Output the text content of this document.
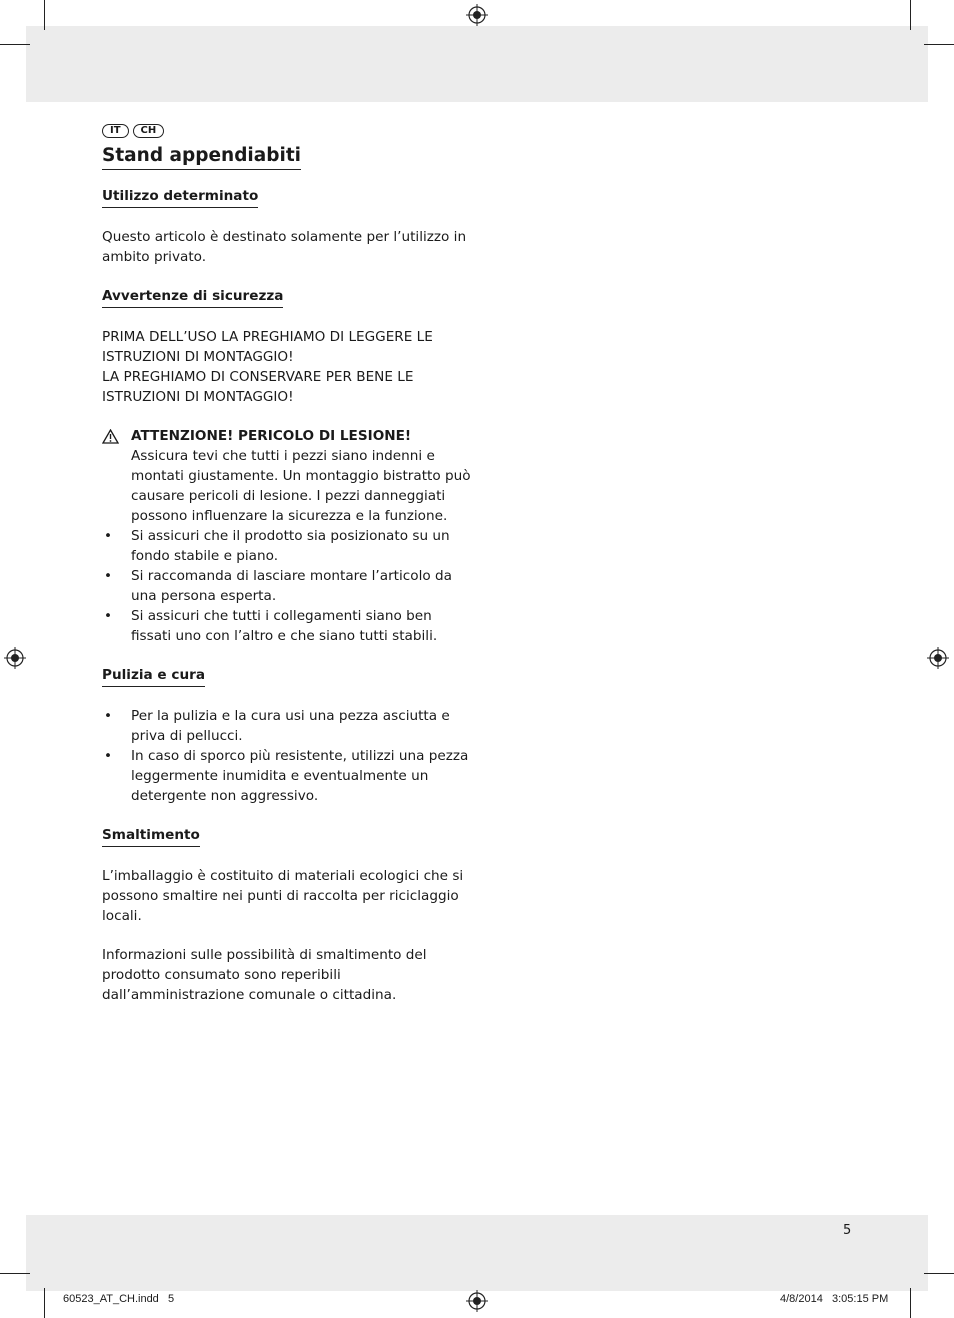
IT	CH
Stand appendiabiti
Utilizzo determinato

Questo articolo è destinato solamente per l’utilizzo in ambito privato.

Avvertenze di sicurezza

PRIMA DELL’USO LA PREGHIAMO DI LEGGERE LE ISTRUZIONI DI MONTAGGIO!

LA PREGHIAMO DI CONSERVARE PER BENE LE ISTRUZIONI DI MONTAGGIO!

ATTENZIONE! PERICOLO DI LESIONE!

Assicura tevi che tutti i pezzi siano indenni e montati giustamente. Un montaggio bistratto può causare pericoli di lesione. I pezzi danneggiati possono influenzare la sicurezza e la funzione.

• Si assicuri che il prodotto sia posizionato su un fondo stabile e piano.
• Si raccomanda di lasciare montare l’articolo da una persona esperta.
• Si assicuri che tutti i collegamenti siano ben fissati uno con l’altro e che siano tutti stabili.
Pulizia e cura
• Per la pulizia e la cura usi una pezza asciutta e priva di pellucci.
• In caso di sporco più resistente, utilizzi una pezza leggermente inumidita e eventualmente un detergente non aggressivo.
Smaltimento

L’imballaggio è costituito di materiali ecologici che si possono smaltire nei punti di raccolta per riciclaggio locali.

Informazioni sulle possibilità di smaltimento del prodotto consumato sono reperibili dall’amministrazione comunale o cittadina.

5
60523_AT_CH.indd   5	4/8/2014   3:05:15 PM
